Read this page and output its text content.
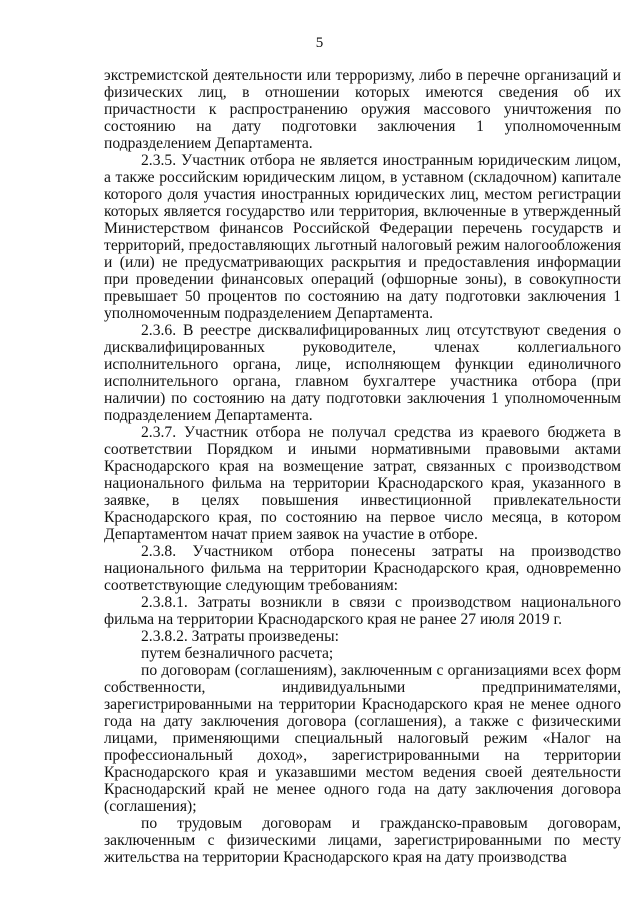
5

экстремистской деятельности или терроризму, либо в перечне организаций и физических лиц, в отношении которых имеются сведения об их причастности к распространению оружия массового уничтожения по состоянию на дату подготовки заключения 1 уполномоченным подразделением Департамента.

2.3.5. Участник отбора не является иностранным юридическим лицом, а также российским юридическим лицом, в уставном (складочном) капитале которого доля участия иностранных юридических лиц, местом регистрации которых является государство или территория, включенные в утвержденный Министерством финансов Российской Федерации перечень государств и территорий, предоставляющих льготный налоговый режим налогообложения и (или) не предусматривающих раскрытия и предоставления информации при проведении финансовых операций (офшорные зоны), в совокупности превышает 50 процентов по состоянию на дату подготовки заключения 1 уполномоченным подразделением Департамента.

2.3.6. В реестре дисквалифицированных лиц отсутствуют сведения о дисквалифицированных руководителе, членах коллегиального исполнительного органа, лице, исполняющем функции единоличного исполнительного органа, главном бухгалтере участника отбора (при наличии) по состоянию на дату подготовки заключения 1 уполномоченным подразделением Департамента.

2.3.7. Участник отбора не получал средства из краевого бюджета в соответствии Порядком и иными нормативными правовыми актами Краснодарского края на возмещение затрат, связанных с производством национального фильма на территории Краснодарского края, указанного в заявке, в целях повышения инвестиционной привлекательности Краснодарского края, по состоянию на первое число месяца, в котором Департаментом начат прием заявок на участие в отборе.

2.3.8. Участником отбора понесены затраты на производство национального фильма на территории Краснодарского края, одновременно соответствующие следующим требованиям:

2.3.8.1. Затраты возникли в связи с производством национального фильма на территории Краснодарского края не ранее 27 июля 2019 г.

2.3.8.2. Затраты произведены:

путем безналичного расчета;

по договорам (соглашениям), заключенным с организациями всех форм собственности, индивидуальными предпринимателями, зарегистрированными на территории Краснодарского края не менее одного года на дату заключения договора (соглашения), а также с физическими лицами, применяющими специальный налоговый режим «Налог на профессиональный доход», зарегистрированными на территории Краснодарского края и указавшими местом ведения своей деятельности Краснодарский край не менее одного года на дату заключения договора (соглашения);

по трудовым договорам и гражданско-правовым договорам, заключенным с физическими лицами, зарегистрированными по месту жительства на территории Краснодарского края на дату производства
